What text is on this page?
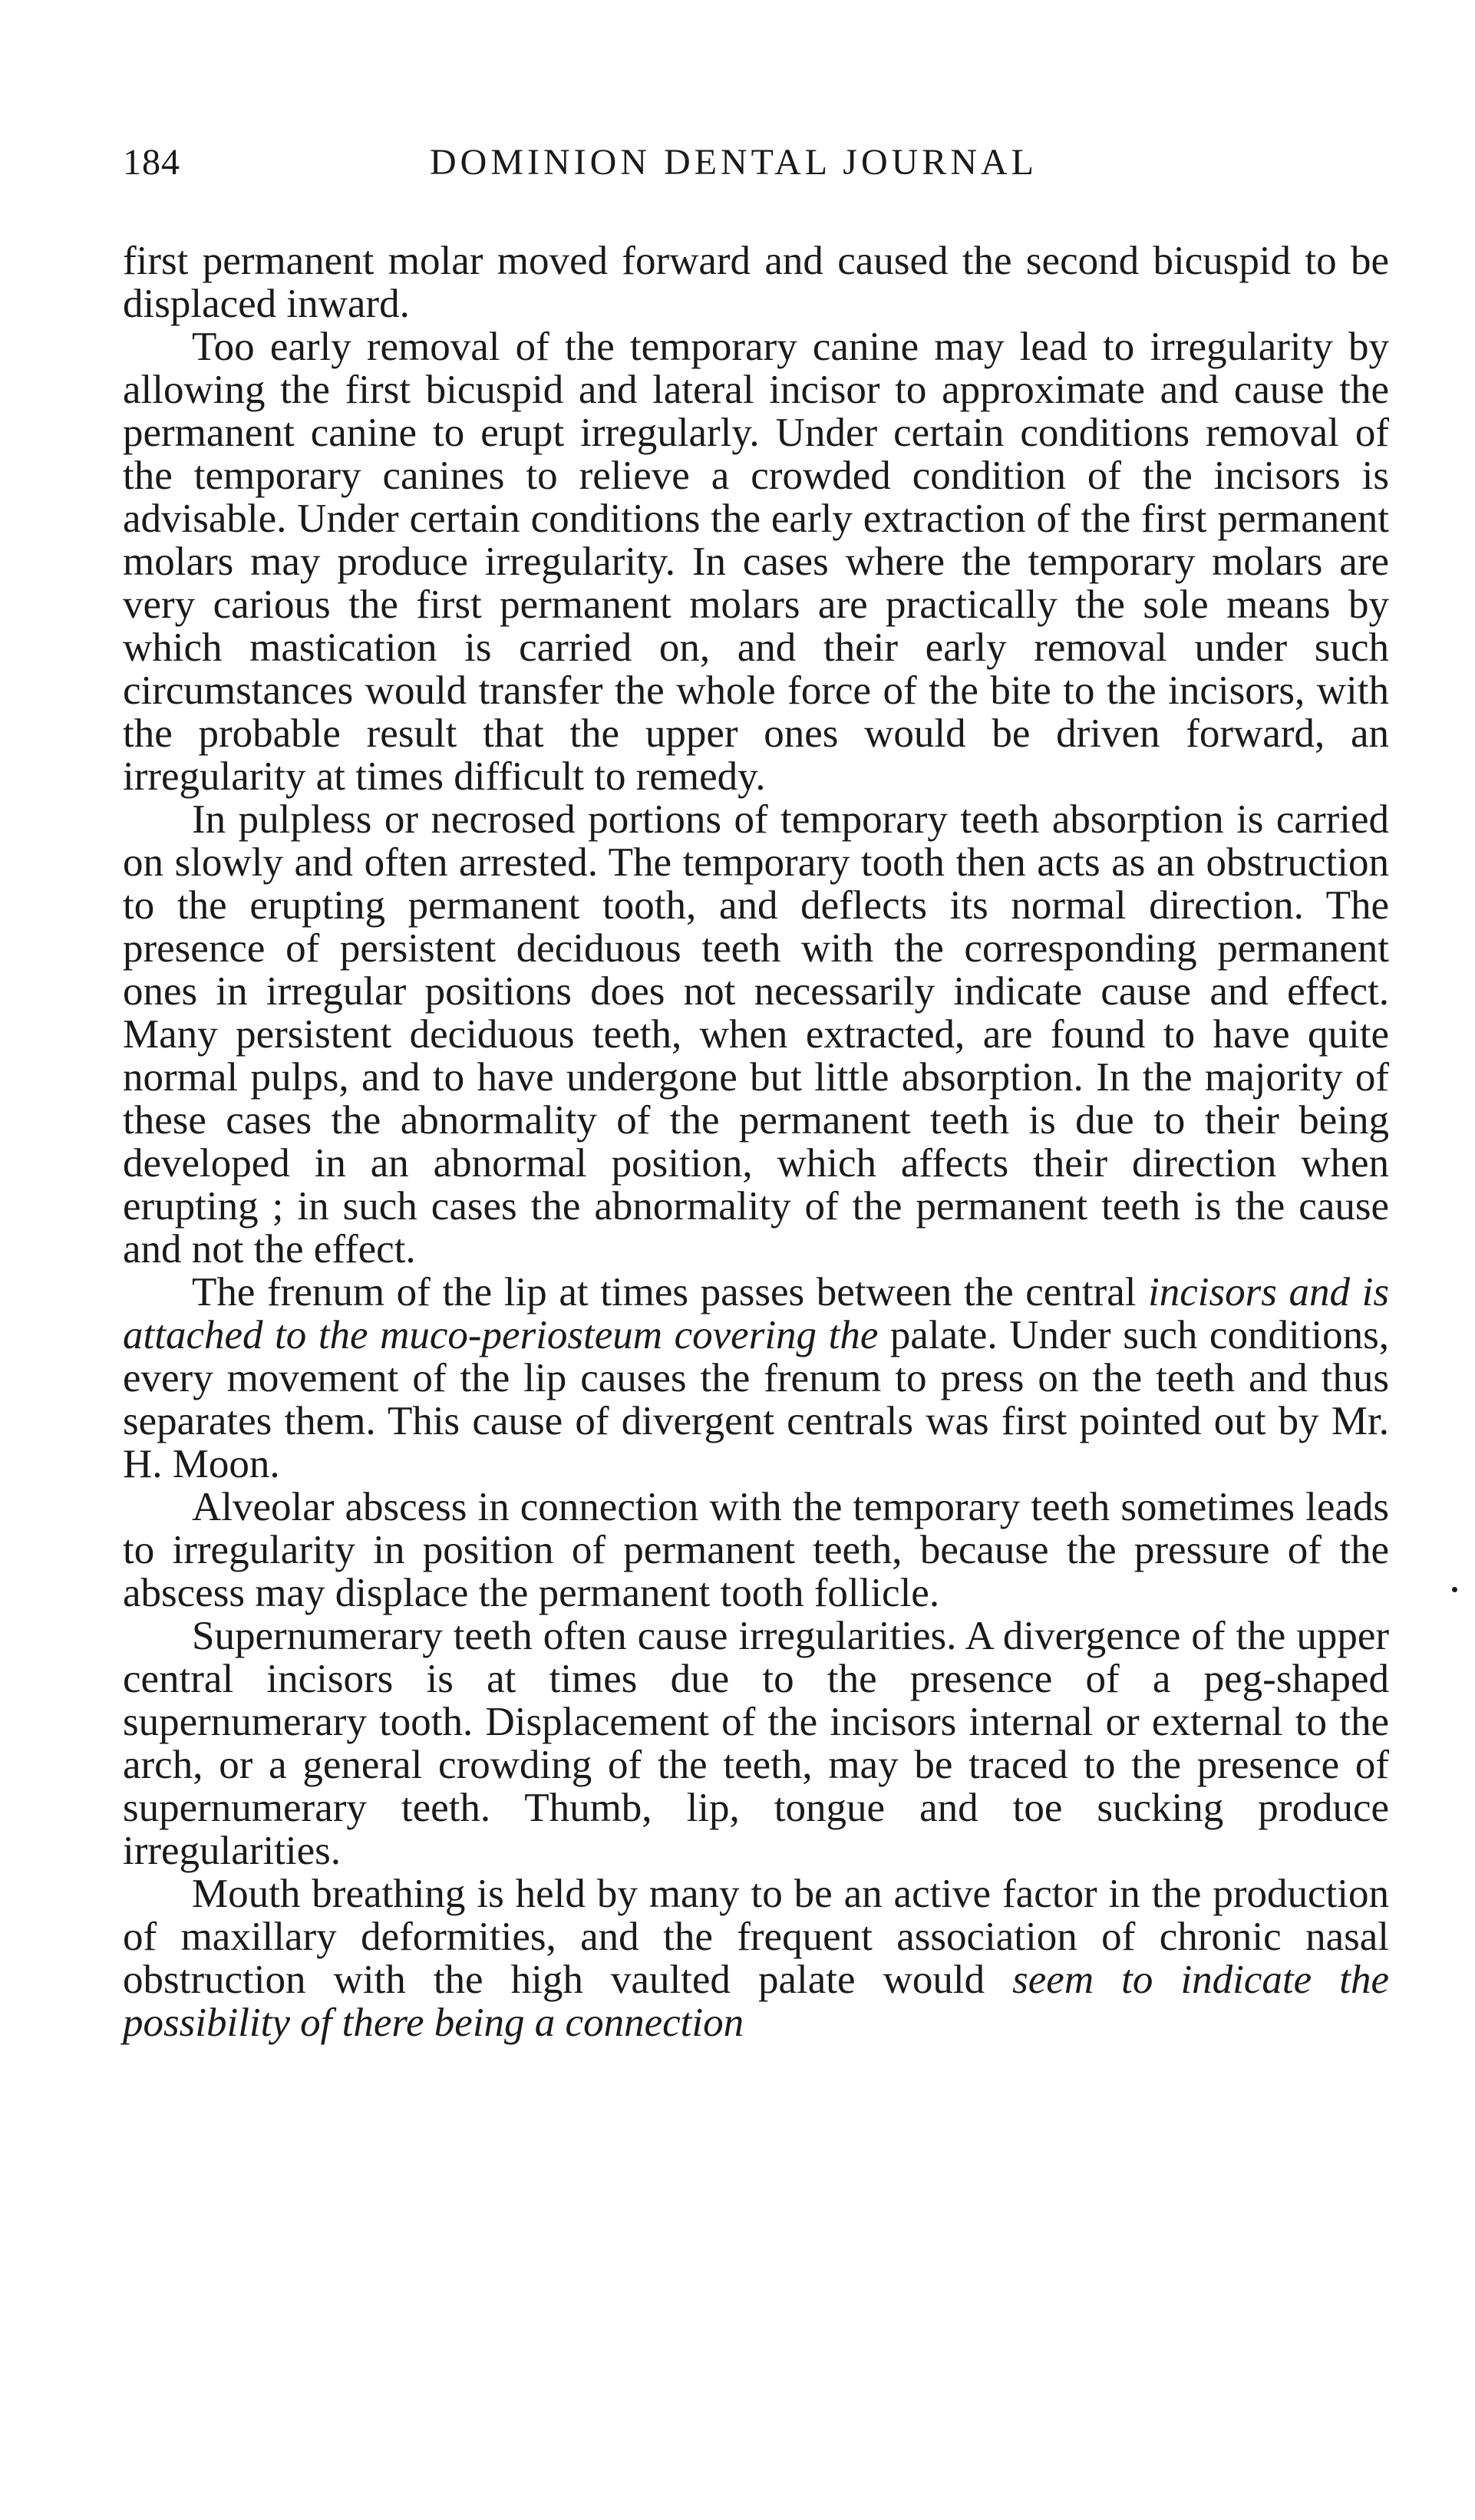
184	DOMINION DENTAL JOURNAL

first permanent molar moved forward and caused the second bicuspid to be displaced inward.

Too early removal of the temporary canine may lead to irregularity by allowing the first bicuspid and lateral incisor to approximate and cause the permanent canine to erupt irregularly. Under certain conditions removal of the temporary canines to relieve a crowded condition of the incisors is advisable. Under certain conditions the early extraction of the first permanent molars may produce irregularity. In cases where the temporary molars are very carious the first permanent molars are practically the sole means by which mastication is carried on, and their early removal under such circumstances would transfer the whole force of the bite to the incisors, with the probable result that the upper ones would be driven forward, an irregularity at times difficult to remedy.

In pulpless or necrosed portions of temporary teeth absorption is carried on slowly and often arrested. The temporary tooth then acts as an obstruction to the erupting permanent tooth, and deflects its normal direction. The presence of persistent deciduous teeth with the corresponding permanent ones in irregular positions does not necessarily indicate cause and effect. Many persistent deciduous teeth, when extracted, are found to have quite normal pulps, and to have undergone but little absorption. In the majority of these cases the abnormality of the permanent teeth is due to their being developed in an abnormal position, which affects their direction when erupting ; in such cases the abnormality of the permanent teeth is the cause and not the effect.

The frenum of the lip at times passes between the central incisors and is attached to the muco-periosteum covering the palate. Under such conditions, every movement of the lip causes the frenum to press on the teeth and thus separates them. This cause of divergent centrals was first pointed out by Mr. H. Moon.

Alveolar abscess in connection with the temporary teeth sometimes leads to irregularity in position of permanent teeth, because the pressure of the abscess may displace the permanent tooth follicle.

Supernumerary teeth often cause irregularities. A divergence of the upper central incisors is at times due to the presence of a peg-shaped supernumerary tooth. Displacement of the incisors internal or external to the arch, or a general crowding of the teeth, may be traced to the presence of supernumerary teeth. Thumb, lip, tongue and toe sucking produce irregularities.

Mouth breathing is held by many to be an active factor in the production of maxillary deformities, and the frequent association of chronic nasal obstruction with the high vaulted palate would seem to indicate the possibility of there being a connection
